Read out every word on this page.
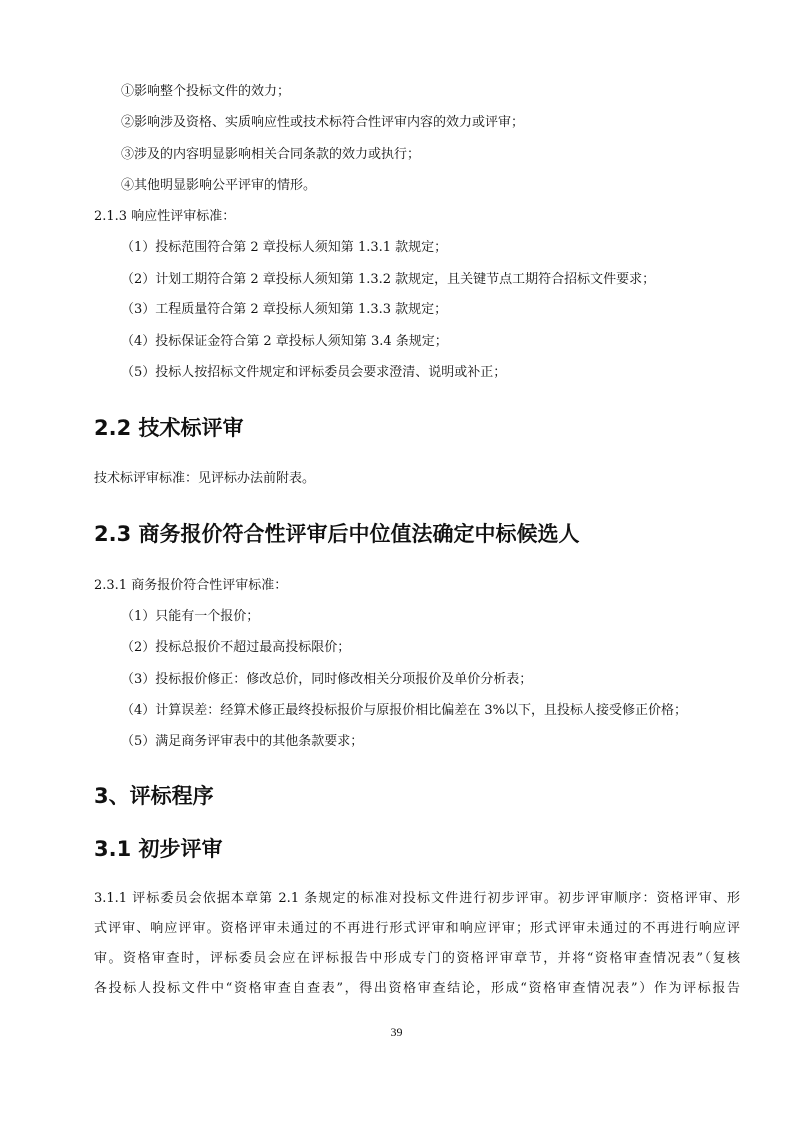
①影响整个投标文件的效力；
②影响涉及资格、实质响应性或技术标符合性评审内容的效力或评审；
③涉及的内容明显影响相关合同条款的效力或执行；
④其他明显影响公平评审的情形。
2.1.3 响应性评审标准：
（1）投标范围符合第 2 章投标人须知第 1.3.1 款规定；
（2）计划工期符合第 2 章投标人须知第 1.3.2 款规定，且关键节点工期符合招标文件要求；
（3）工程质量符合第 2 章投标人须知第 1.3.3 款规定；
（4）投标保证金符合第 2 章投标人须知第 3.4 条规定；
（5）投标人按招标文件规定和评标委员会要求澄清、说明或补正；
2.2 技术标评审
技术标评审标准：见评标办法前附表。
2.3 商务报价符合性评审后中位值法确定中标候选人
2.3.1 商务报价符合性评审标准：
（1）只能有一个报价；
（2）投标总报价不超过最高投标限价；
（3）投标报价修正：修改总价，同时修改相关分项报价及单价分析表；
（4）计算误差：经算术修正最终投标报价与原报价相比偏差在 3%以下，且投标人接受修正价格；
（5）满足商务评审表中的其他条款要求；
3、评标程序
3.1 初步评审
3.1.1 评标委员会依据本章第 2.1 条规定的标准对投标文件进行初步评审。初步评审顺序：资格评审、形
式评审、响应评审。资格评审未通过的不再进行形式评审和响应评审；形式评审未通过的不再进行响应评
审。资格审查时，评标委员会应在评标报告中形成专门的资格评审章节，并将“资格审查情况表”（复核
各投标人投标文件中“资格审查自查表”，得出资格审查结论，形成“资格审查情况表”）作为评标报告
39
